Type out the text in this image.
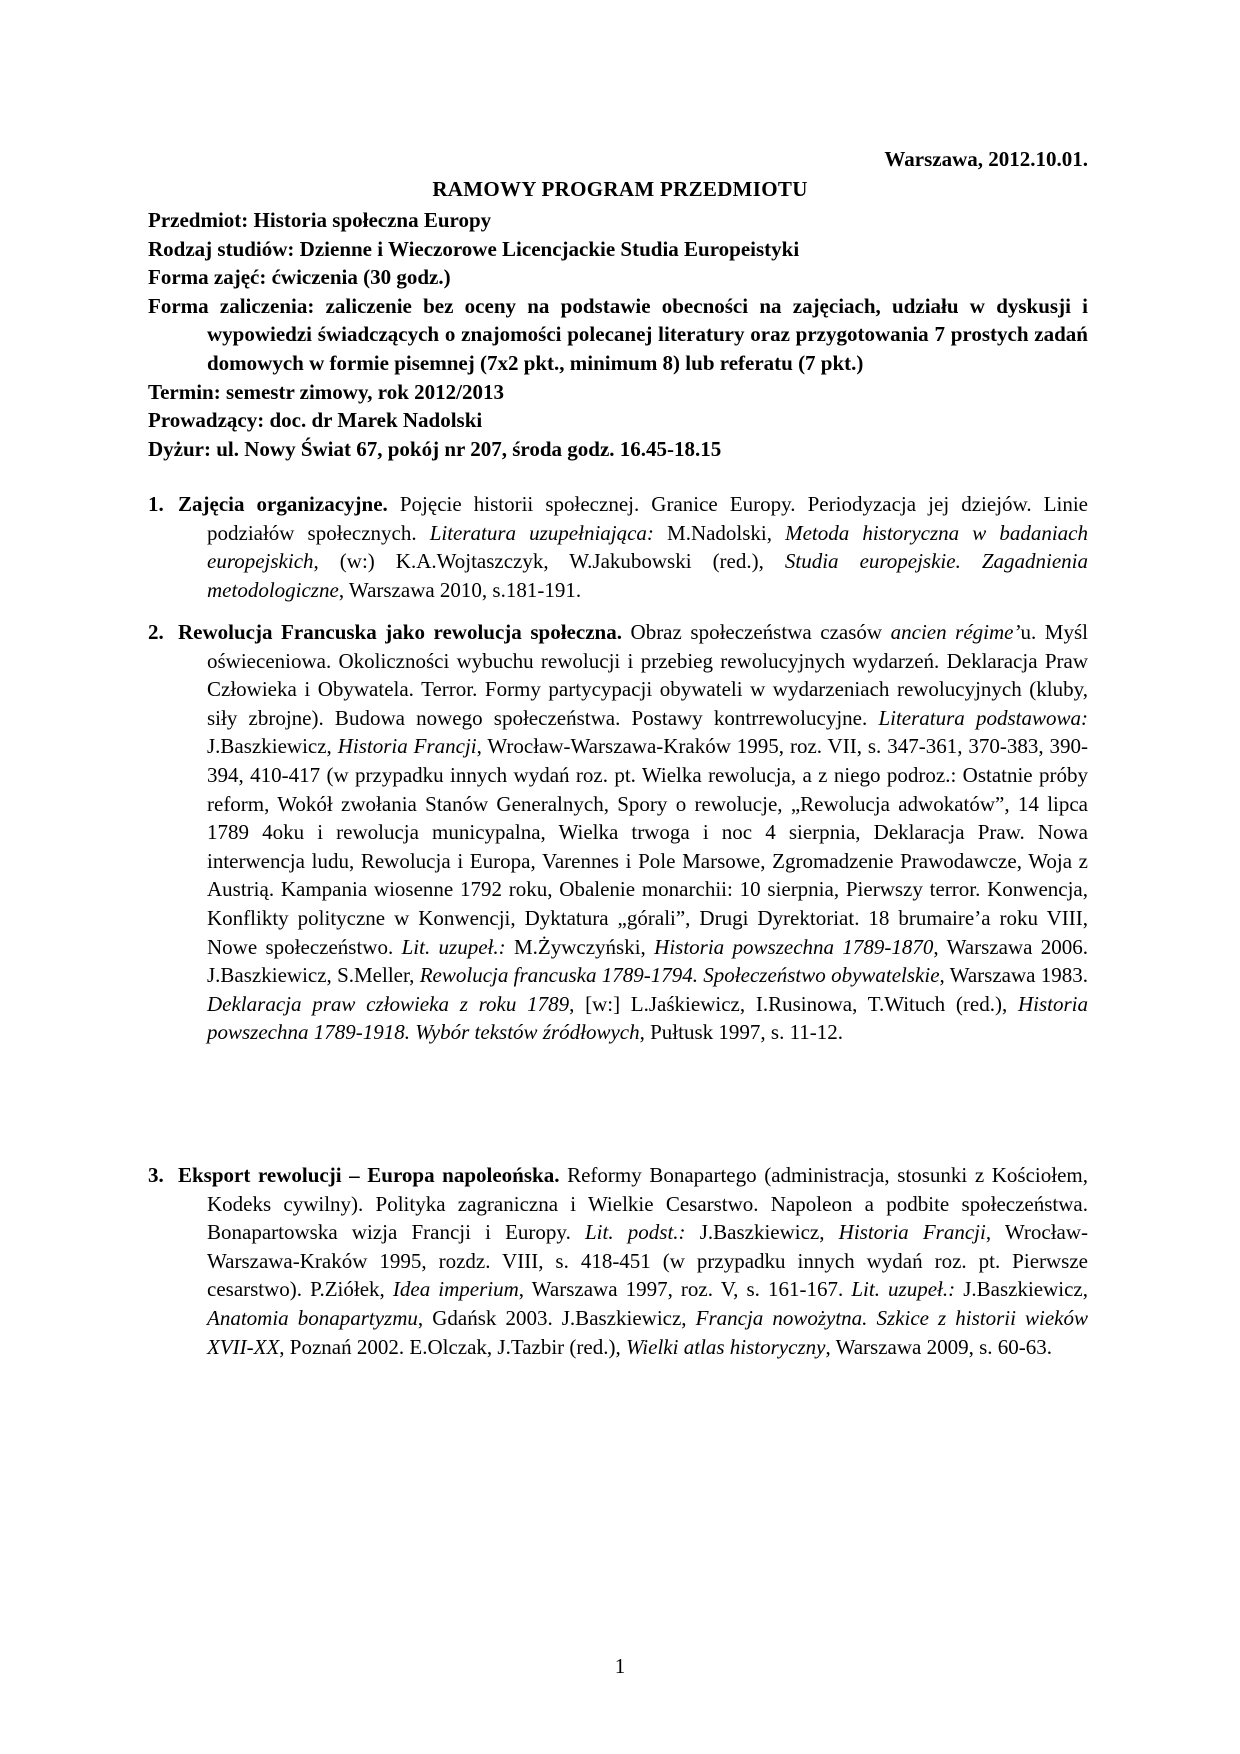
Warszawa, 2012.10.01.
RAMOWY PROGRAM PRZEDMIOTU
Przedmiot: Historia społeczna Europy
Rodzaj studiów: Dzienne i Wieczorowe Licencjackie Studia Europeistyki
Forma zajęć: ćwiczenia (30 godz.)
Forma zaliczenia: zaliczenie bez oceny na podstawie obecności na zajęciach, udziału w dyskusji i wypowiedzi świadczących o znajomości polecanej literatury oraz przygotowania 7 prostych zadań domowych w formie pisemnej (7x2 pkt., minimum 8) lub referatu (7 pkt.)
Termin: semestr zimowy, rok 2012/2013
Prowadzący: doc. dr Marek Nadolski
Dyżur: ul. Nowy Świat 67, pokój nr 207, środa godz. 16.45-18.15
1. Zajęcia organizacyjne. Pojęcie historii społecznej. Granice Europy. Periodyzacja jej dziejów. Linie podziałów społecznych. Literatura uzupełniająca: M.Nadolski, Metoda historyczna w badaniach europejskich, (w:) K.A.Wojtaszczyk, W.Jakubowski (red.), Studia europejskie. Zagadnienia metodologiczne, Warszawa 2010, s.181-191.
2. Rewolucja Francuska jako rewolucja społeczna. Obraz społeczeństwa czasów ancien régime’u. Myśl oświeceniowa. Okoliczności wybuchu rewolucji i przebieg rewolucyjnych wydarzeń. Deklaracja Praw Człowieka i Obywatela. Terror. Formy partycypacji obywateli w wydarzeniach rewolucyjnych (kluby, siły zbrojne). Budowa nowego społeczeństwa. Postawy kontrrewolucyjne. Literatura podstawowa: J.Baszkiewicz, Historia Francji, Wrocław-Warszawa-Kraków 1995, roz. VII, s. 347-361, 370-383, 390-394, 410-417 (w przypadku innych wydań roz. pt. Wielka rewolucja, a z niego podroz.: Ostatnie próby reform, Wokół zwołania Stanów Generalnych, Spory o rewolucje, „Rewolucja adwokatów”, 14 lipca 1789 4oku i rewolucja municypalna, Wielka trwoga i noc 4 sierpnia, Deklaracja Praw. Nowa interwencja ludu, Rewolucja i Europa, Varennes i Pole Marsowe, Zgromadzenie Prawodawcze, Woja z Austrią. Kampania wiosenne 1792 roku, Obalenie monarchii: 10 sierpnia, Pierwszy terror. Konwencja, Konflikty polityczne w Konwencji, Dyktatura „górali”, Drugi Dyrektoriat. 18 brumaire’a roku VIII, Nowe społeczeństwo. Lit. uzupeł.: M.Żywczyński, Historia powszechna 1789-1870, Warszawa 2006. J.Baszkiewicz, S.Meller, Rewolucja francuska 1789-1794. Społeczeństwo obywatelskie, Warszawa 1983. Deklaracja praw człowieka z roku 1789, [w:] L.Jaśkiewicz, I.Rusinowa, T.Wituch (red.), Historia powszechna 1789-1918. Wybór tekstów źródłowych, Pułtusk 1997, s. 11-12.
3. Eksport rewolucji – Europa napoleońska. Reformy Bonapartego (administracja, stosunki z Kościołem, Kodeks cywilny). Polityka zagraniczna i Wielkie Cesarstwo. Napoleon a podbite społeczeństwa. Bonapartowska wizja Francji i Europy. Lit. podst.: J.Baszkiewicz, Historia Francji, Wrocław-Warszawa-Kraków 1995, rozdz. VIII, s. 418-451 (w przypadku innych wydań roz. pt. Pierwsze cesarstwo). P.Ziółek, Idea imperium, Warszawa 1997, roz. V, s. 161-167. Lit. uzupeł.: J.Baszkiewicz, Anatomia bonapartyzmu, Gdańsk 2003. J.Baszkiewicz, Francja nowożytna. Szkice z historii wieków XVII-XX, Poznań 2002. E.Olczak, J.Tazbir (red.), Wielki atlas historyczny, Warszawa 2009, s. 60-63.
1
